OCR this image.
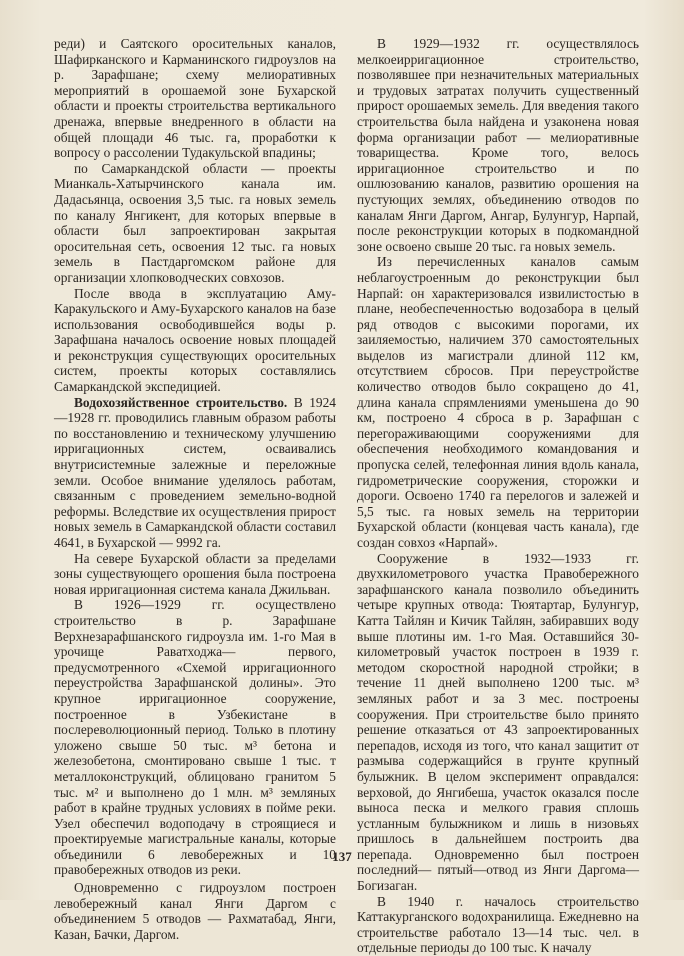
реди) и Саятского оросительных каналов, Шафирканского и Карманинского гидроузлов на р. Зарафшане; схему мелиоративных мероприятий в орошаемой зоне Бухарской области и проекты строительства вертикального дренажа, впервые внедренного в области на общей площади 46 тыс. га, проработки к вопросу о рассолении Тудакульской впадины;

по Самаркандской области — проекты Мианкаль-Хатырчинского канала им. Дадасьянца, освоения 3,5 тыс. га новых земель по каналу Янгикент, для которых впервые в области был запроектирован закрытая оросительная сеть, освоения 12 тыс. га новых земель в Пастдаргомском районе для организации хлопководческих совхозов.

После ввода в эксплуатацию Аму-Каракульского и Аму-Бухарского каналов на базе использования освободившейся воды р. Зарафшана началось освоение новых площадей и реконструкция существующих оросительных систем, проекты которых составлялись Самаркандской экспедицией.

Водохозяйственное строительство. В 1924—1928 гг. проводились главным образом работы по восстановлению и техническому улучшению ирригационных систем, осваивались внутрисистемные залежные и переложные земли. Особое внимание уделялось работам, связанным с проведением земельно-водной реформы. Вследствие их осуществления прирост новых земель в Самаркандской области составил 4641, в Бухарской — 9992 га.

На севере Бухарской области за пределами зоны существующего орошения была построена новая ирригационная система канала Джильван.

В 1926—1929 гг. осуществлено строительство в р. Зарафшане Верхнезарафшанского гидроузла им. 1-го Мая в урочище Раватходжа— первого, предусмотренного «Схемой ирригационного переустройства Зарафшанской долины». Это крупное ирригационное сооружение, построенное в Узбекистане в послереволюционный период. Только в плотину уложено свыше 50 тыс. м³ бетона и железобетона, смонтировано свыше 1 тыс. т металлоконструкций, облицовано гранитом 5 тыс. м² и выполнено до 1 млн. м³ земляных работ в крайне трудных условиях в пойме реки. Узел обеспечил водоподачу в строящиеся и проектируемые магистральные каналы, которые объединили 6 левобережных и 10 правобережных отводов из реки.

Одновременно с гидроузлом построен левобережный канал Янги Даргом с объединением 5 отводов — Рахматабад, Янги, Казан, Бачки, Даргом.

В 1929—1932 гг. осуществлялось мелкоеирригационное строительство, позволявшее при незначительных материальных и трудовых затратах получить существенный прирост орошаемых земель. Для введения такого строительства была найдена и узаконена новая форма организации работ — мелиоративные товарищества. Кроме того, велось ирригационное строительство и по ошлюзованию каналов, развитию орошения на пустующих землях, объединению отводов по каналам Янги Даргом, Ангар, Булунгур, Нарпай, после реконструкции которых в подкомандной зоне освоено свыше 20 тыс. га новых земель.

Из перечисленных каналов самым неблагоустроенным до реконструкции был Нарпай: он характеризовался извилистостью в плане, необеспеченностью водозабора в целый ряд отводов с высокими порогами, их заиляемостью, наличием 370 самостоятельных выделов из магистрали длиной 112 км, отсутствием сбросов. При переустройстве количество отводов было сокращено до 41, длина канала спрямлениями уменьшена до 90 км, построено 4 сброса в р. Зарафшан с перегораживающими сооружениями для обеспечения необходимого командования и пропуска селей, телефонная линия вдоль канала, гидрометрические сооружения, сторожки и дороги. Освоено 1740 га перелогов и залежей и 5,5 тыс. га новых земель на территории Бухарской области (концевая часть канала), где создан совхоз «Нарпай».

Сооружение в 1932—1933 гг. двухкилометрового участка Правобережного зарафшанского канала позволило объединить четыре крупных отвода: Тюятартар, Булунгур, Катта Тайлян и Кичик Тайлян, забиравших воду выше плотины им. 1-го Мая. Оставшийся 30-километровый участок построен в 1939 г. методом скоростной народной стройки; в течение 11 дней выполнено 1200 тыс. м³ земляных работ и за 3 мес. построены сооружения. При строительстве было принято решение отказаться от 43 запроектированных перепадов, исходя из того, что канал защитит от размыва содержащийся в грунте крупный булыжник. В целом эксперимент оправдался: верховой, до Янгибеша, участок оказался после выноса песка и мелкого гравия сплошь устланным булыжником и лишь в низовьях пришлось в дальнейшем построить два перепада. Одновременно был построен последний— пятый—отвод из Янги Даргома—Богизаган.

В 1940 г. началось строительство Каттакурганского водохранилища. Ежедневно на строительстве работало 13—14 тыс. чел. в отдельные периоды до 100 тыс. К началу

137
